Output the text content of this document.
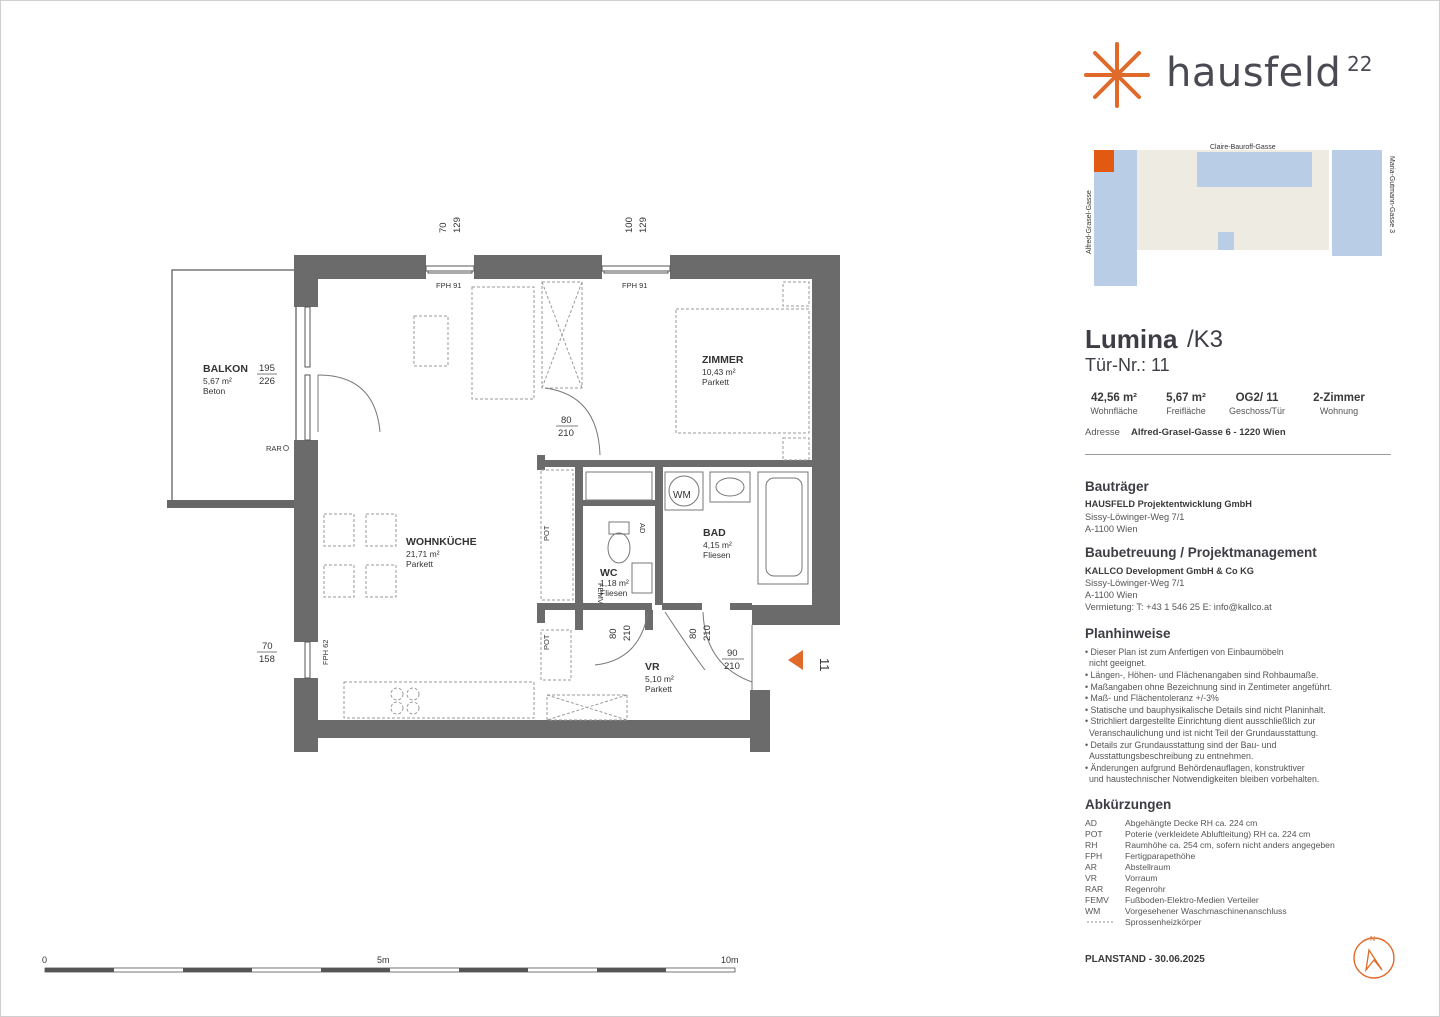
11
BALKON
5,67 m²
Beton
WOHNKÜCHE
21,71 m²
Parkett
ZIMMER
10,43 m²
Parkett
BAD
4,15 m²
Fliesen
WC
1,18 m²
Fliesen
VR
5,10 m²
Parkett
FPH 91	FPH 91
FPH 62
RAR
POT
POT
FEMV
AD
WM
70 129	100 129
195
226
70
158
80
210
80 210	80 210
90
210
0	5m	10m
hausfeld 22
Claire-Bauroff-Gasse
Alfred-Grasel-Gasse	Maria-Gutmann-Gasse 3
Lumina /K3
Tür-Nr.: 11
42,56 m²
Wohnfläche
5,67 m²
Freifläche
OG2/ 11
Geschoss/Tür
2-Zimmer
Wohnung
Adresse Alfred-Grasel-Gasse 6 - 1220 Wien
Bauträger
HAUSFELD Projektentwicklung GmbH
Sissy-Löwinger-Weg 7/1
A-1100 Wien
Baubetreuung / Projektmanagement
KALLCO Development GmbH & Co KG
Sissy-Löwinger-Weg 7/1
A-1100 Wien
Vermietung: T: +43 1 546 25 E: info@kallco.at
Planhinweise
• Dieser Plan ist zum Anfertigen von Einbaumöbeln
nicht geeignet.
• Längen-, Höhen- und Flächenangaben sind Rohbaumaße.
• Maßangaben ohne Bezeichnung sind in Zentimeter angeführt.
• Maß- und Flächentoleranz +/-3%
• Statische und bauphysikalische Details sind nicht Planinhalt.
• Strichliert dargestellte Einrichtung dient ausschließlich zur
Veranschaulichung und ist nicht Teil der Grundausstattung.
• Details zur Grundausstattung sind der Bau- und
Ausstattungsbeschreibung zu entnehmen.
• Änderungen aufgrund Behördenauflagen, konstruktiver
und haustechnischer Notwendigkeiten bleiben vorbehalten.
Abkürzungen
AD	Abgehängte Decke RH ca. 224 cm
POT	Poterie (verkleidete Abluftleitung) RH ca. 224 cm
RH	Raumhöhe ca. 254 cm, sofern nicht anders angegeben
FPH	Fertigparapethöhe
AR	Abstellraum
VR	Vorraum
RAR	Regenrohr
FEMV Fußboden-Elektro-Medien Verteiler
WM	Vorgesehener Waschmaschinenanschluss
Sprossenheizkörper
PLANSTAND - 30.06.2025
N
